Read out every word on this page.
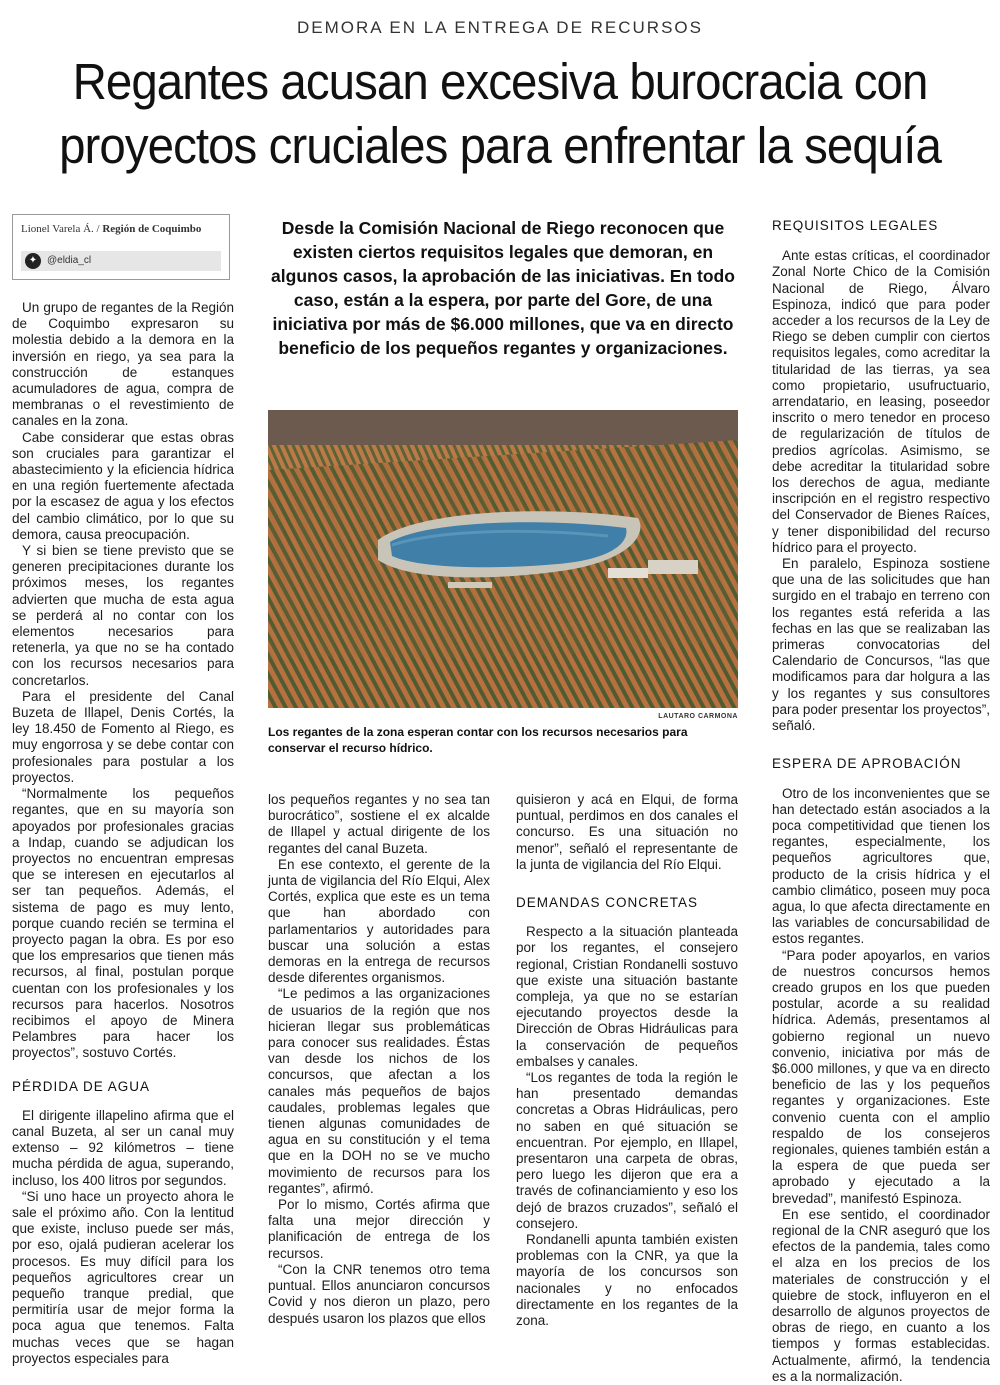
DEMORA EN LA ENTREGA DE RECURSOS
Regantes acusan excesiva burocracia con
proyectos cruciales para enfrentar la sequía
Lionel Varela Á. / Región de Coquimbo
✦ @eldia_cl
Desde la Comisión Nacional de Riego reconocen que existen ciertos requisitos legales que demoran, en algunos casos, la aprobación de las iniciativas. En todo caso, están a la espera, por parte del Gore, de una iniciativa por más de $6.000 millones, que va en directo beneficio de los pequeños regantes y organizaciones.
LAUTARO CARMONA
Los regantes de la zona esperan contar con los recursos necesarios para conservar el recurso hídrico.

Un grupo de regantes de la Región de Coquimbo expresaron su molestia debido a la demora en la inversión en riego, ya sea para la construcción de estanques acumuladores de agua, compra de membranas o el revestimiento de canales en la zona.

Cabe considerar que estas obras son cruciales para garantizar el abastecimiento y la eficiencia hídrica en una región fuertemente afectada por la escasez de agua y los efectos del cambio climático, por lo que su demora, causa preocupación.

Y si bien se tiene previsto que se generen precipitaciones durante los próximos meses, los regantes advierten que mucha de esta agua se perderá al no contar con los elementos necesarios para retenerla, ya que no se ha contado con los recursos necesarios para concretarlos.

Para el presidente del Canal Buzeta de Illapel, Denis Cortés, la ley 18.450 de Fomento al Riego, es muy engorrosa y se debe contar con profesionales para postular a los proyectos.

“Normalmente los pequeños regantes, que en su mayoría son apoyados por profesionales gracias a Indap, cuando se adjudican los proyectos no encuentran empresas que se interesen en ejecutarlos al ser tan pequeños. Además, el sistema de pago es muy lento, porque cuando recién se termina el proyecto pagan la obra. Es por eso que los empresarios que tienen más recursos, al final, postulan porque cuentan con los profesionales y los recursos para hacerlos. Nosotros recibimos el apoyo de Minera Pelambres para hacer los proyectos”, sostuvo Cortés.

PÉRDIDA DE AGUA

El dirigente illapelino afirma que el canal Buzeta, al ser un canal muy extenso – 92 kilómetros – tiene mucha pérdida de agua, superando, incluso, los 400 litros por segundos.

“Si uno hace un proyecto ahora le sale el próximo año. Con la lentitud que existe, incluso puede ser más, por eso, ojalá pudieran acelerar los procesos. Es muy difícil para los pequeños agricultores crear un pequeño tranque predial, que permitiría usar de mejor forma la poca agua que tenemos. Falta muchas veces que se hagan proyectos especiales para

los pequeños regantes y no sea tan burocrático”, sostiene el ex alcalde de Illapel y actual dirigente de los regantes del canal Buzeta.

En ese contexto, el gerente de la junta de vigilancia del Río Elqui, Alex Cortés, explica que este es un tema que han abordado con parlamentarios y autoridades para buscar una solución a estas demoras en la entrega de recursos desde diferentes organismos.

“Le pedimos a las organizaciones de usuarios de la región que nos hicieran llegar sus problemáticas para conocer sus realidades. Éstas van desde los nichos de los concursos, que afectan a los canales más pequeños de bajos caudales, problemas legales que tienen algunas comunidades de agua en su constitución y el tema que en la DOH no se ve mucho movimiento de recursos para los regantes”, afirmó.

Por lo mismo, Cortés afirma que falta una mejor dirección y planificación de entrega de los recursos.

“Con la CNR tenemos otro tema puntual. Ellos anunciaron concursos Covid y nos dieron un plazo, pero después usaron los plazos que ellos

quisieron y acá en Elqui, de forma puntual, perdimos en dos canales el concurso. Es una situación no menor”, señaló el representante de la junta de vigilancia del Río Elqui.

DEMANDAS CONCRETAS

Respecto a la situación planteada por los regantes, el consejero regional, Cristian Rondanelli sostuvo que existe una situación bastante compleja, ya que no se estarían ejecutando proyectos desde la Dirección de Obras Hidráulicas para la conservación de pequeños embalses y canales.

“Los regantes de toda la región le han presentado demandas concretas a Obras Hidráulicas, pero no saben en qué situación se encuentran. Por ejemplo, en Illapel, presentaron una carpeta de obras, pero luego les dijeron que era a través de cofinanciamiento y eso los dejó de brazos cruzados”, señaló el consejero.

Rondanelli apunta también existen problemas con la CNR, ya que la mayoría de los concursos son nacionales y no enfocados directamente en los regantes de la zona.

REQUISITOS LEGALES

Ante estas críticas, el coordinador Zonal Norte Chico de la Comisión Nacional de Riego, Álvaro Espinoza, indicó que para poder acceder a los recursos de la Ley de Riego se deben cumplir con ciertos requisitos legales, como acreditar la titularidad de las tierras, ya sea como propietario, usufructuario, arrendatario, en leasing, poseedor inscrito o mero tenedor en proceso de regularización de títulos de predios agrícolas. Asimismo, se debe acreditar la titularidad sobre los derechos de agua, mediante inscripción en el registro respectivo del Conservador de Bienes Raíces, y tener disponibilidad del recurso hídrico para el proyecto.

En paralelo, Espinoza sostiene que una de las solicitudes que han surgido en el trabajo en terreno con los regantes está referida a las fechas en las que se realizaban las primeras convocatorias del Calendario de Concursos, “las que modificamos para dar holgura a las y los regantes y sus consultores para poder presentar los proyectos”, señaló.

ESPERA DE APROBACIÓN

Otro de los inconvenientes que se han detectado están asociados a la poca competitividad que tienen los regantes, especialmente, los pequeños agricultores que, producto de la crisis hídrica y el cambio climático, poseen muy poca agua, lo que afecta directamente en las variables de concursabilidad de estos regantes.

“Para poder apoyarlos, en varios de nuestros concursos hemos creado grupos en los que pueden postular, acorde a su realidad hídrica. Además, presentamos al gobierno regional un nuevo convenio, iniciativa por más de $6.000 millones, y que va en directo beneficio de las y los pequeños regantes y organizaciones. Este convenio cuenta con el amplio respaldo de los consejeros regionales, quienes también están a la espera de que pueda ser aprobado y ejecutado a la brevedad”, manifestó Espinoza.

En ese sentido, el coordinador regional de la CNR aseguró que los efectos de la pandemia, tales como el alza en los precios de los materiales de construcción y el quiebre de stock, influyeron en el desarrollo de algunos proyectos de obras de riego, en cuanto a los tiempos y formas establecidas. Actualmente, afirmó, la tendencia es a la normalización.
